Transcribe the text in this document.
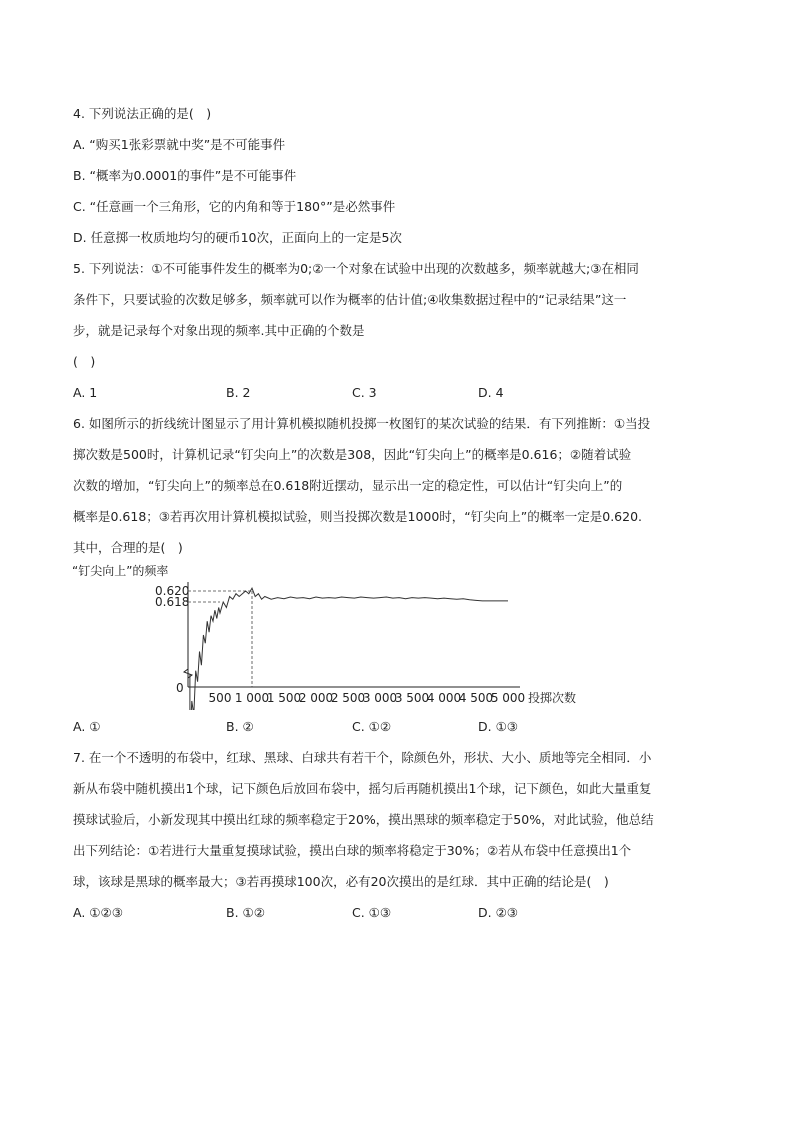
4. 下列说法正确的是(　)
A. “购买1张彩票就中奖”是不可能事件
B. “概率为0.0001的事件”是不可能事件
C. “任意画一个三角形，它的内角和等于180°”是必然事件
D. 任意掷一枚质地均匀的硬币10次，正面向上的一定是5次
5. 下列说法：①不可能事件发生的概率为0;②一个对象在试验中出现的次数越多，频率就越大;③在相同
条件下，只要试验的次数足够多，频率就可以作为概率的估计值;④收集数据过程中的“记录结果”这一
步，就是记录每个对象出现的频率.其中正确的个数是
(　)
A. 1	B. 2	C. 3	D. 4
6. 如图所示的折线统计图显示了用计算机模拟随机投掷一枚图钉的某次试验的结果．有下列推断：①当投
掷次数是500时，计算机记录“钉尖向上”的次数是308，因此“钉尖向上”的概率是0.616；②随着试验
次数的增加，“钉尖向上”的频率总在0.618附近摆动，显示出一定的稳定性，可以估计“钉尖向上”的
概率是0.618；③若再次用计算机模拟试验，则当投掷次数是1000时，“钉尖向上”的概率一定是0.620.
其中，合理的是(　)
“钉尖向上”的频率
0
0.620
0.618
500 1 000
1 500
2 000
2 500
3 000
3 500
4 000
4 500
5 000 投掷次数
A. ①	B. ②	C. ①②	D. ①③
7. 在一个不透明的布袋中，红球、黑球、白球共有若干个，除颜色外，形状、大小、质地等完全相同．小
新从布袋中随机摸出1个球，记下颜色后放回布袋中，摇匀后再随机摸出1个球，记下颜色，如此大量重复
摸球试验后，小新发现其中摸出红球的频率稳定于20%，摸出黑球的频率稳定于50%，对此试验，他总结
出下列结论：①若进行大量重复摸球试验，摸出白球的频率将稳定于30%；②若从布袋中任意摸出1个
球，该球是黑球的概率最大；③若再摸球100次，必有20次摸出的是红球．其中正确的结论是(　)
A. ①②③	B. ①②	C. ①③	D. ②③
